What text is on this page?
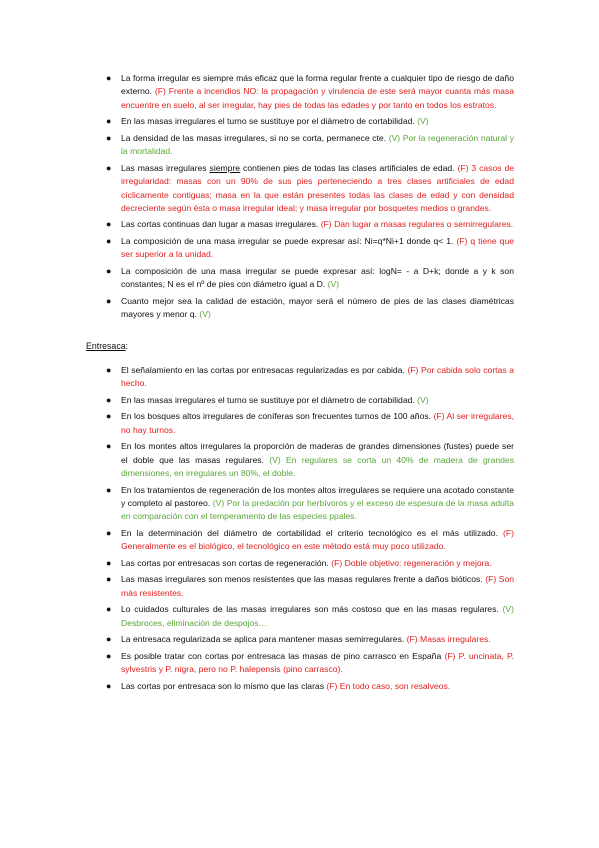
● La forma irregular es siempre más eficaz que la forma regular frente a cualquier tipo de riesgo de daño externo. (F) Frente a incendios NO: la propagación y virulencia de este será mayor cuanta más masa encuentre en suelo, al ser irregular, hay pies de todas las edades y por tanto en todos los estratos.
● En las masas irregulares el turno se sustituye por el diámetro de cortabilidad. (V)
● La densidad de las masas irregulares, si no se corta, permanece cte. (V) Por la regeneración natural y la mortalidad.
● Las masas irregulares siempre contienen pies de todas las clases artificiales de edad. (F) 3 casos de irregularidad: masas con un 90% de sus pies perteneciendo a tres clases artificiales de edad cíclicamente contiguas; masa en la que están presentes todas las clases de edad y con densidad decreciente según ésta o masa irregular ideal; y masa irregular por bosquetes medios o grandes.
● Las cortas continuas dan lugar a masas irregulares. (F) Dan lugar a masas regulares o semirregulares.
● La composición de una masa irregular se puede expresar así: Ni=q*Ni+1 donde q< 1. (F) q tiene que ser superior a la unidad.
● La composición de una masa irregular se puede expresar así: logN= - a D+k; donde a y k son constantes; N es el nº de pies con diámetro igual a D. (V)
● Cuanto mejor sea la calidad de estación, mayor será el número de pies de las clases diamétricas mayores y menor q. (V)
Entresaca:
● El señalamiento en las cortas por entresacas regularizadas es por cabida. (F) Por cabida solo cortas a hecho.
● En las masas irregulares el turno se sustituye por el diámetro de cortabilidad. (V)
● En los bosques altos irregulares de coníferas son frecuentes turnos de 100 años. (F) Al ser irregulares, no hay turnos.
● En los montes altos irregulares la proporción de maderas de grandes dimensiones (fustes) puede ser el doble que las masas regulares. (V) En regulares se corta un 40% de madera de grandes dimensiones, en irregulares un 80%, el doble.
● En los tratamientos de regeneración de los montes altos irregulares se requiere una acotado constante y completo al pastoreo. (V) Por la predación por herbívoros y el exceso de espesura de la masa adulta en comparación con el temperamento de las especies ppales.
● En la determinación del diámetro de cortabilidad el criterio tecnológico es el más utilizado. (F) Generalmente es el biológico, el tecnológico en este método está muy poco utilizado.
● Las cortas por entresacas son cortas de regeneración. (F) Doble objetivo: regeneración y mejora.
● Las masas irregulares son menos resistentes que las masas regulares frente a daños bióticos. (F) Son más resistentes.
● Lo cuidados culturales de las masas irregulares son más costoso que en las masas regulares. (V) Desbroces, eliminación de despojos…
● La entresaca regularizada se aplica para mantener masas semirregulares. (F) Masas irregulares.
● Es posible tratar con cortas por entresaca las masas de pino carrasco en España (F) P. uncinata, P. sylvestris y P. nigra, pero no P. halepensis (pino carrasco).
● Las cortas por entresaca son lo mismo que las claras (F) En todo caso, son resalveos.
